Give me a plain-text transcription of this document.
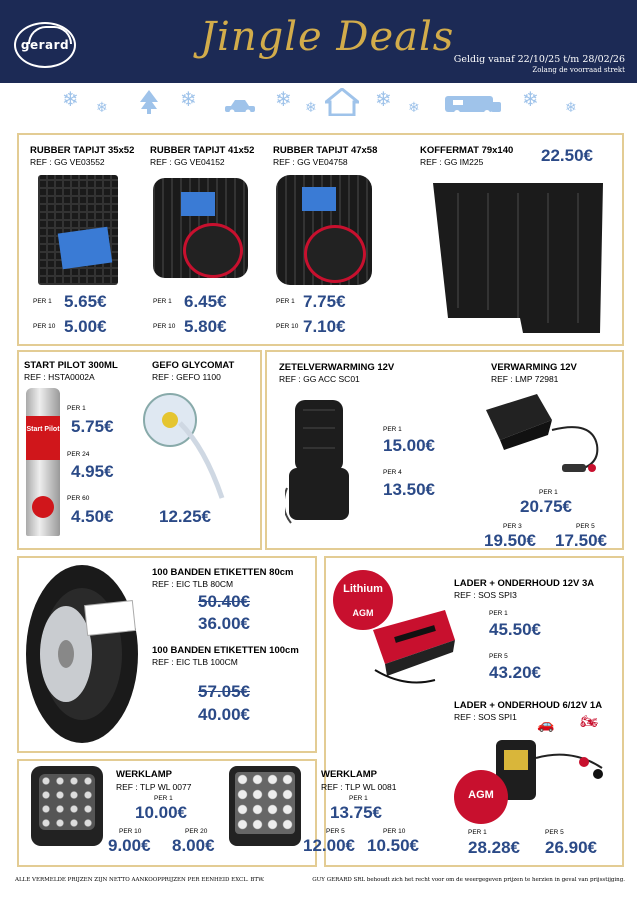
gerard	Jingle Deals Geldig vanaf 22/10/25 t/m 28/02/26
Zolang de voorraad strekt
❄ ❄	❄	❄ ❄	❄ ❄	❄ ❄
RUBBER TAPIJT 35x52
REF : GG VE03552
PER 1 5.65€
PER 10 5.00€
RUBBER TAPIJT 41x52
REF : GG VE04152
PER 1 6.45€
PER 10 5.80€
RUBBER TAPIJT 47x58
REF : GG VE04758
PER 1 7.75€
PER 10 7.10€
KOFFERMAT 79x140
REF : GG IM225	22.50€
START PILOT 300ML
REF : HSTA0002A
Start Pilot
PER 1
5.75€
PER 24
4.95€
PER 60
4.50€
GEFO GLYCOMAT
REF : GEFO 1100
12.25€
ZETELVERWARMING 12V
REF : GG ACC SC01
PER 1
15.00€
PER 4
13.50€
VERWARMING 12V
REF : LMP 72981
PER 1
20.75€
PER 3
19.50€
PER 5
17.50€
100 BANDEN ETIKETTEN 80cm
REF : EIC TLB 80CM
50.40€
36.00€
100 BANDEN ETIKETTEN 100cm
REF : EIC TLB 100CM
57.05€
40.00€
Lithium
AGM
LADER + ONDERHOUD 12V 3A
REF : SOS SPI3
PER 1
45.50€
PER 5
43.20€
LADER + ONDERHOUD 6/12V 1A
REF : SOS SPI1 🚗 🏍
AGM
PER 1
28.28€
PER 5
26.90€
WERKLAMP
REF : TLP WL 0077
PER 1
10.00€
PER 10
9.00€
PER 20
8.00€
WERKLAMP
REF : TLP WL 0081
PER 1
13.75€
PER 5
12.00€
PER 10
10.50€
ALLE VERMELDE PRIJZEN ZIJN NETTO AANKOOPPRIJZEN PER EENHEID EXCL. BTW.	GUY GERARD SRL behoudt zich het recht voor om de weergegeven prijzen te herzien in geval van prijsstijging.
